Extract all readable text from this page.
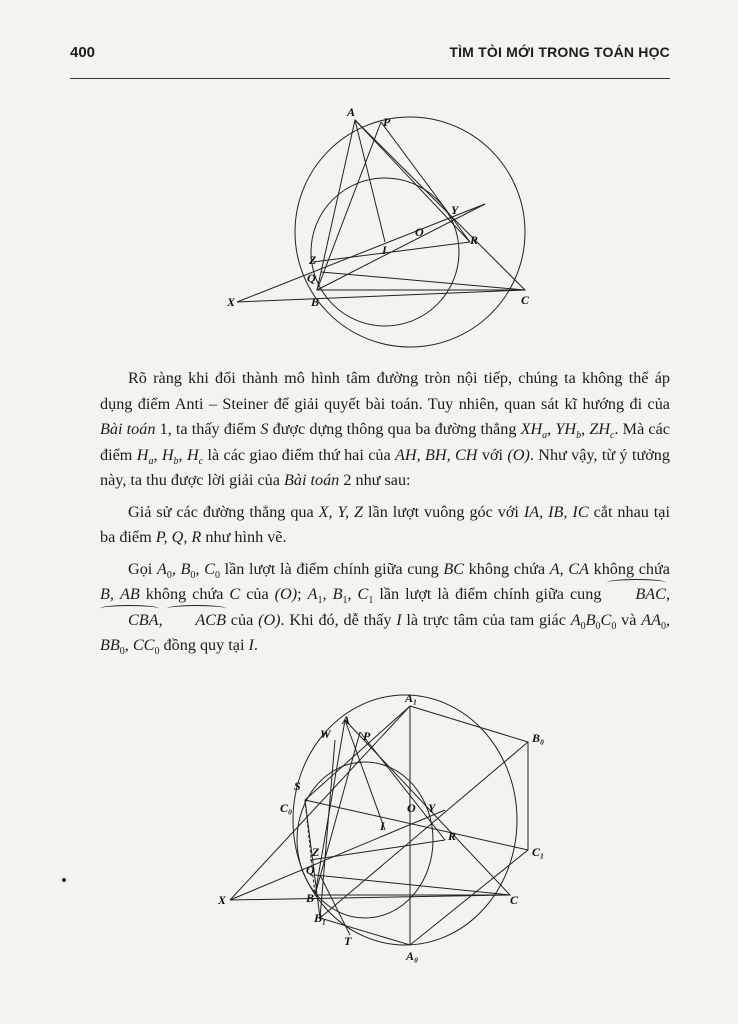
400	TÌM TÒI MỚI TRONG TOÁN HỌC
A
P
Y
O
R
I
Z
Q
X	B	C

Rõ ràng khi đổi thành mô hình tâm đường tròn nội tiếp, chúng ta không thể áp dụng điểm Anti – Steiner để giải quyết bài toán. Tuy nhiên, quan sát kĩ hướng đi của Bài toán 1, ta thấy điểm S được dựng thông qua ba đường thẳng $XH_a$, $YH_b$, $ZH_c$. Mà các điểm $H_a$, $H_b$, $H_c$ là các giao điểm thứ hai của AH, BH, CH với (O). Như vậy, từ ý tưởng này, ta thu được lời giải của Bài toán 2 như sau:

Giả sử các đường thẳng qua X, Y, Z lần lượt vuông góc với IA, IB, IC cắt nhau tại ba điểm P, Q, R như hình vẽ.

Gọi $A_0$, $B_0$, $C_0$ lần lượt là điểm chính giữa cung BC không chứa A, CA không chứa B, AB không chứa C của (O); $A_1$, $B_1$, $C_1$ lần lượt là điểm chính giữa cung BAC, CBA, ACB của (O). Khi đó, dễ thấy I là trực tâm của tam giác $A_0B_0C_0$ và $AA_0$, $BB_0$, $CC_0$ đồng quy tại I.

A₁
B₀
A
W	P
S
C₀	O Y
I
R
Z	C₁
Q
X	C
B₁
T
B
A₀
